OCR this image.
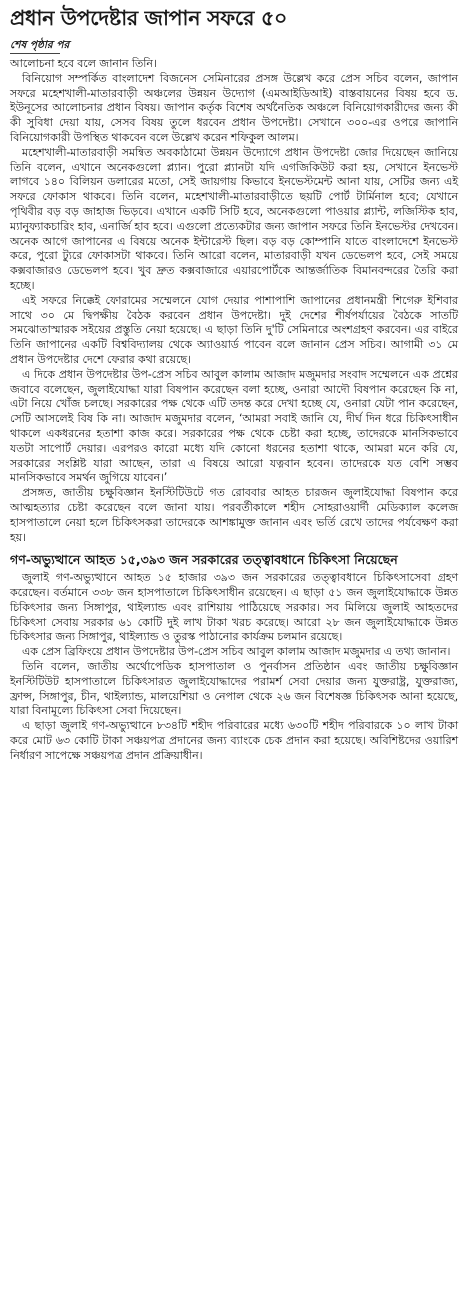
প্রধান উপদেষ্টার জাপান সফরে ৫০
শেষ পৃষ্ঠার পর

আলোচনা হবে বলে জানান তিনি।

বিনিয়োগ সম্পর্কিত বাংলাদেশ বিজনেস সেমিনারের প্রসঙ্গ উল্লেখ করে প্রেস সচিব বলেন, জাপান সফরে মহেশখালী-মাতারবাড়ী অঞ্চলের উন্নয়ন উদ্যোগ (এমআইডিআই) বাস্তবায়নের বিষয় হবে ড. ইউনূসের আলোচনার প্রধান বিষয়। জাপান কর্তৃক বিশেষ অর্থনৈতিক অঞ্চলে বিনিয়োগকারীদের জন্য কী কী সুবিধা দেয়া যায়, সেসব বিষয় তুলে ধরবেন প্রধান উপদেষ্টা। সেখানে ৩০০-এর ওপরে জাপানি বিনিয়োগকারী উপস্থিত থাকবেন বলে উল্লেখ করেন শফিকুল আলম।

মহেশখালী-মাতারবাড়ী সমন্বিত অবকাঠামো উন্নয়ন উদ্যোগে প্রধান উপদেষ্টা জোর দিয়েছেন জানিয়ে তিনি বলেন, এখানে অনেকগুলো প্ল্যান। পুরো প্ল্যানটা যদি এগজিকিউট করা হয়, সেখানে ইনভেস্ট লাগবে ১৪০ বিলিয়ন ডলারের মতো, সেই জায়গায় কিভাবে ইনভেস্টমেন্ট আনা যায়, সেটির জন্য এই সফরে ফোকাস থাকবে। তিনি বলেন, মহেশখালী-মাতারবাড়ীতে ছয়টি পোর্ট টার্মিনাল হবে; যেখানে পৃথিবীর বড় বড় জাহাজ ভিড়বে। এখানে একটি সিটি হবে, অনেকগুলো পাওয়ার প্ল্যান্ট, লজিস্টিক হাব, ম্যানুফ্যাকচারিং হাব, এনার্জি হাব হবে। এগুলো প্রত্যেকটার জন্য জাপান সফরে তিনি ইনভেস্টর দেখবেন। অনেক আগে জাপানের এ বিষয়ে অনেক ইন্টারেস্ট ছিল। বড় বড় কোম্পানি যাতে বাংলাদেশে ইনভেস্ট করে, পুরো ট্যুরে ফোকাসটা থাকবে। তিনি আরো বলেন, মাতারবাড়ী যখন ডেভেলপ হবে, সেই সময়ে কক্সবাজারও ডেভেলপ হবে। খুব দ্রুত কক্সবাজারে এয়ারপোর্টকে আন্তর্জাতিক বিমানবন্দরের তৈরি করা হচ্ছে।

এই সফরে নিক্কেই ফোরামের সম্মেলনে যোগ দেয়ার পাশাপাশি জাপানের প্রধানমন্ত্রী শিগেরু ইশিবার সাথে ৩০ মে দ্বিপক্ষীয় বৈঠক করবেন প্রধান উপদেষ্টা। দুই দেশের শীর্ষপর্যায়ের বৈঠকে সাতটি সমঝোতাস্মারক সইয়ের প্রস্তুতি নেয়া হয়েছে। এ ছাড়া তিনি দু'টি সেমিনারে অংশগ্রহণ করবেন। এর বাইরে তিনি জাপানের একটি বিশ্ববিদ্যালয় থেকে অ্যাওয়ার্ড পাবেন বলে জানান প্রেস সচিব। আগামী ৩১ মে প্রধান উপদেষ্টার দেশে ফেরার কথা রয়েছে।

এ দিকে প্রধান উপদেষ্টার উপ-প্রেস সচিব আবুল কালাম আজাদ মজুমদার সংবাদ সম্মেলনে এক প্রশ্নের জবাবে বলেছেন, জুলাইযোদ্ধা যারা বিষপান করেছেন বলা হচ্ছে, ওনারা আদৌ বিষপান করেছেন কি না, এটা নিয়ে খোঁজ চলছে। সরকারের পক্ষ থেকে এটি তদন্ত করে দেখা হচ্ছে যে, ওনারা যেটা পান করেছেন, সেটি আসলেই বিষ কি না। আজাদ মজুমদার বলেন, ‘আমরা সবাই জানি যে, দীর্ঘ দিন ধরে চিকিৎসাধীন থাকলে একধরনের হতাশা কাজ করে। সরকারের পক্ষ থেকে চেষ্টা করা হচ্ছে, তাদেরকে মানসিকভাবে যতটা সাপোর্ট দেয়ার। এরপরও কারো মধ্যে যদি কোনো ধরনের হতাশা থাকে, আমরা মনে করি যে, সরকারের সংশ্লিষ্ট যারা আছেন, তারা এ বিষয়ে আরো যত্নবান হবেন। তাদেরকে যত বেশি সম্ভব মানসিকভাবে সমর্থন জুগিয়ে যাবেন।’

প্রসঙ্গত, জাতীয় চক্ষুবিজ্ঞান ইনস্টিটিউটে গত রোববার আহত চারজন জুলাইযোদ্ধা বিষপান করে আত্মহত্যার চেষ্টা করেছেন বলে জানা যায়। পরবর্তীকালে শহীদ সোহরাওয়ার্দী মেডিক্যাল কলেজ হাসপাতালে নেয়া হলে চিকিৎসকরা তাদেরকে আশঙ্কামুক্ত জানান এবং ভর্তি রেখে তাদের পর্যবেক্ষণ করা হয়।

গণ-অভ্যুত্থানে আহত ১৫,৩৯৩ জন সরকারের তত্ত্বাবধানে চিকিৎসা নিয়েছেন

জুলাই গণ-অভ্যুত্থানে আহত ১৫ হাজার ৩৯৩ জন সরকারের তত্ত্বাবধানে চিকিৎসাসেবা গ্রহণ করেছেন। বর্তমানে ৩৩৮ জন হাসপাতালে চিকিৎসাধীন রয়েছেন। এ ছাড়া ৫১ জন জুলাইযোদ্ধাকে উন্নত চিকিৎসার জন্য সিঙ্গাপুর, থাইল্যান্ড এবং রাশিয়ায় পাঠিয়েছে সরকার। সব মিলিয়ে জুলাই আহতদের চিকিৎসা সেবায় সরকার ৬১ কোটি দুই লাখ টাকা খরচ করেছে। আরো ২৮ জন জুলাইযোদ্ধাকে উন্নত চিকিৎসার জন্য সিঙ্গাপুর, থাইল্যান্ড ও তুরস্ক পাঠানোর কার্যক্রম চলমান রয়েছে।

এক প্রেস ব্রিফিংয়ে প্রধান উপদেষ্টার উপ-প্রেস সচিব আবুল কালাম আজাদ মজুমদার এ তথ্য জানান।

তিনি বলেন, জাতীয় অর্থোপেডিক হাসপাতাল ও পুনর্বাসন প্রতিষ্ঠান এবং জাতীয় চক্ষুবিজ্ঞান ইনস্টিটিউট হাসপাতালে চিকিৎসারত জুলাইযোদ্ধাদের পরামর্শ সেবা দেয়ার জন্য যুক্তরাষ্ট্র, যুক্তরাজ্য, ফ্রান্স, সিঙ্গাপুর, চীন, থাইল্যান্ড, মালয়েশিয়া ও নেপাল থেকে ২৬ জন বিশেষজ্ঞ চিকিৎসক আনা হয়েছে, যারা বিনামূল্যে চিকিৎসা সেবা দিয়েছেন।

এ ছাড়া জুলাই গণ-অভ্যুত্থানে ৮৩৪টি শহীদ পরিবারের মধ্যে ৬৩০টি শহীদ পরিবারকে ১০ লাখ টাকা করে মোট ৬৩ কোটি টাকা সঞ্চয়পত্র প্রদানের জন্য ব্যাংকে চেক প্রদান করা হয়েছে। অবিশিষ্টদের ওয়ারিশ নির্ধারণ সাপেক্ষে সঞ্চয়পত্র প্রদান প্রক্রিয়াধীন।
